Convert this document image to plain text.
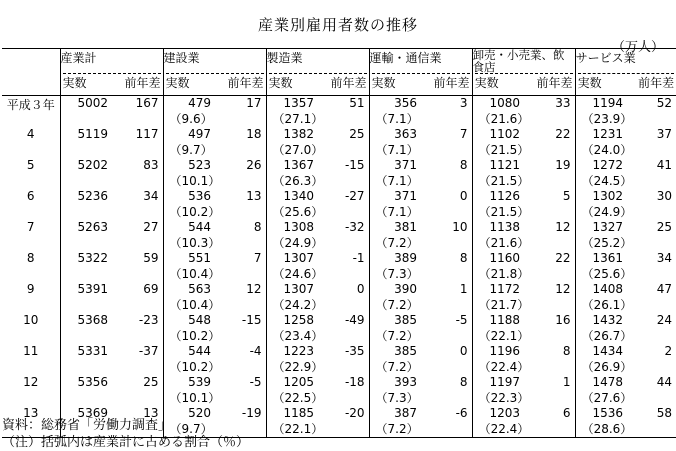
産業別雇用者数の推移
（万人）
	産業計		建設業		製造業		運輸・通信業		卸売・小売業、飲食店		サービス業	

	実数 前年差		実数 前年差		実数 前年差		実数 前年差		実数 前年差		実数 前年差	

平成３年	5002	167	479	17	1357	51	356	3	1080	33	1194	52
			（9.6）		（27.1）		（7.1）		（21.6）		（23.9）	
4	5119	117	497	18	1382	25	363	7	1102	22	1231	37
			（9.7）		（27.0）		（7.1）		（21.5）		（24.0）	
5	5202	83	523	26	1367	-15	371	8	1121	19	1272	41
			（10.1）		（26.3）		（7.1）		（21.5）		（24.5）	
6	5236	34	536	13	1340	-27	371	0	1126	5	1302	30
			（10.2）		（25.6）		（7.1）		（21.5）		（24.9）	
7	5263	27	544	8	1308	-32	381	10	1138	12	1327	25
			（10.3）		（24.9）		（7.2）		（21.6）		（25.2）	
8	5322	59	551	7	1307	-1	389	8	1160	22	1361	34
			（10.4）		（24.6）		（7.3）		（21.8）		（25.6）	
9	5391	69	563	12	1307	0	390	1	1172	12	1408	47
			（10.4）		（24.2）		（7.2）		（21.7）		（26.1）	
10	5368	-23	548	-15	1258	-49	385	-5	1188	16	1432	24
			（10.2）		（23.4）		（7.2）		（22.1）		（26.7）	
11	5331	-37	544	-4	1223	-35	385	0	1196	8	1434	2
			（10.2）		（22.9）		（7.2）		（22.4）		（26.9）	
12	5356	25	539	-5	1205	-18	393	8	1197	1	1478	44
			（10.1）		（22.5）		（7.3）		（22.3）		（27.6）	
13	5369	13	520	-19	1185	-20	387	-6	1203	6	1536	58
			（9.7）		（22.1）		（7.2）		（22.4）		（28.6）	
資料：総務省「労働力調査」
（注）括弧内は産業計に占める割合（％）
